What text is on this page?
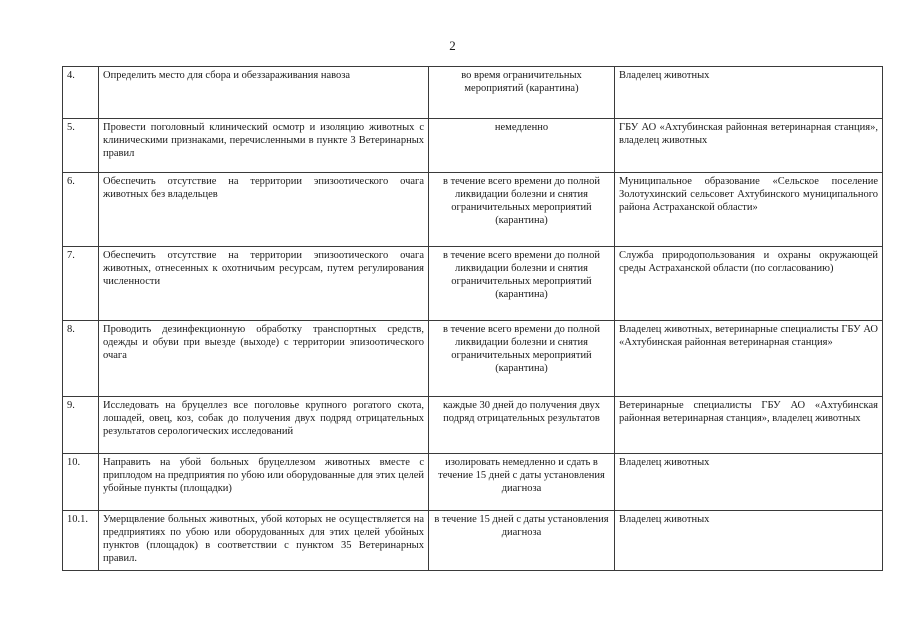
2
4.	Определить место для сбора и обеззараживания навоза	во время ограничительных мероприятий (карантина)	Владелец животных
5.	Провести поголовный клинический осмотр и изоляцию животных с клиническими признаками, перечисленными в пункте 3 Ветеринарных правил	немедленно	ГБУ АО «Ахтубинская районная ветеринарная станция», владелец животных
6.	Обеспечить отсутствие на территории эпизоотического очага животных без владельцев	в течение всего времени до полной ликвидации болезни и снятия ограничительных мероприятий (карантина)	Муниципальное образование «Сельское поселение Золотухинский сельсовет Ахтубинского муниципального района Астраханской области»
7.	Обеспечить отсутствие на территории эпизоотического очага животных, отнесенных к охотничьим ресурсам, путем регулирования численности	в течение всего времени до полной ликвидации болезни и снятия ограничительных мероприятий (карантина)	Служба природопользования и охраны окружающей среды Астраханской области (по согласованию)
8.	Проводить дезинфекционную обработку транспортных средств, одежды и обуви при выезде (выходе) с территории эпизоотического очага	в течение всего времени до полной ликвидации болезни и снятия ограничительных мероприятий (карантина)	Владелец животных, ветеринарные специалисты ГБУ АО «Ахтубинская районная ветеринарная станция»
9.	Исследовать на бруцеллез все поголовье крупного рогатого скота, лошадей, овец, коз, собак до получения двух подряд отрицательных результатов серологических исследований	каждые 30 дней до получения двух подряд отрицательных результатов	Ветеринарные специалисты ГБУ АО «Ахтубинская районная ветеринарная станция», владелец животных
10.	Направить на убой больных бруцеллезом животных вместе с приплодом на предприятия по убою или оборудованные для этих целей убойные пункты (площадки)	изолировать немедленно и сдать в течение 15 дней с даты установления диагноза	Владелец животных
10.1.	Умерщвление больных животных, убой которых не осуществляется на предприятиях по убою или оборудованных для этих целей убойных пунктов (площадок) в соответствии с пунктом 35 Ветеринарных правил.	в течение 15 дней с даты установления диагноза	Владелец животных
